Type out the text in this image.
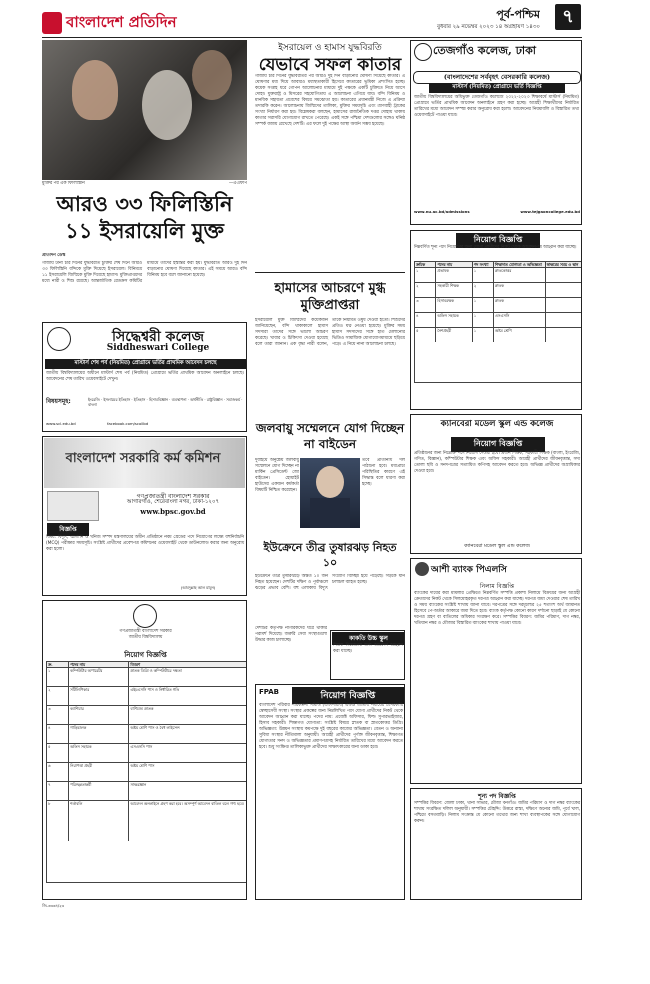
বাংলাদেশ প্রতিদিন	পূর্ব-পশ্চিম	৭
বুধবার ২৯ নভেম্বর ২০২৩ ১৪ অগ্রহায়ণ ১৪৩০
মুক্তির পর এক ফিলিস্তিনি	—এএফপি
আরও ৩৩ ফিলিস্তিনি ১১ ইসরায়েলি মুক্ত
প্রতিদিন ডেস্ক

গাজায় টানা চার দিনের যুদ্ধবিরতি চুক্তির শেষ দিনে আরও ৩৩ ফিলিস্তিনি বন্দিকে মুক্তি দিয়েছে ইসরায়েল। বিনিময়ে ১১ ইসরায়েলি জিম্মিকে মুক্তি দিয়েছে হামাস। মুক্তিপ্রাপ্তদের মধ্যে নারী ও শিশু রয়েছে। আন্তর্জাতিক রেডক্রস কমিটির মাধ্যমে তাদের হস্তান্তর করা হয়। যুদ্ধবিরতি আরও দুই দিন বাড়ানোর ঘোষণা দিয়েছে কাতার। এই সময়ে আরও বন্দি বিনিময় হবে বলে জানানো হয়েছে।

ইসরায়েল ও হামাস যুদ্ধবিরতি
যেভাবে সফল কাতার

গাজায় চার দিনের যুদ্ধবিরতির পর আরও দুই দিন বাড়ানোর ঘোষণা দিয়েছে কাতার। এ ঘোষণার মধ্য দিয়ে আবারও মধ্যস্থতাকারী হিসেবে কাতারের ভূমিকা প্রশংসিত হচ্ছে। কয়েক সপ্তাহ ধরে গোপন আলোচনার মাধ্যমে দুই পক্ষকে একটি চুক্তিতে নিয়ে আসে দোহা। যুক্তরাষ্ট্র ও মিসরের সহযোগিতায় এ আলোচনা এগিয়ে যায়। বন্দি বিনিময় ও মানবিক সহায়তা প্রবেশের বিষয়ে সমঝোতা হয়। কাতারের প্রধানমন্ত্রী নিজে এ প্রক্রিয়া তদারকি করেন। আলোচনায় জিম্মিদের তালিকা, মুক্তির সময়সূচি এবং ত্রাণবাহী ট্রাকের সংখ্যা নির্ধারণ করা হয়। বিশ্লেষকরা বলছেন, হামাসের রাজনৈতিক দপ্তর দোহায় থাকায় কাতার সরাসরি যোগাযোগ রাখতে পেরেছে। একই সঙ্গে পশ্চিমা দেশগুলোর সঙ্গেও ঘনিষ্ঠ সম্পর্ক বজায় রেখেছে দেশটি। এর ফলে দুই পক্ষের আস্থা অর্জন সম্ভব হয়েছে।

হামাসের আচরণে মুগ্ধ মুক্তিপ্রাপ্তরা

ইসরায়েলি মুক্ত জিম্মিদের কয়েকজন জানিয়েছেন, বন্দি থাকাকালে হামাস সদস্যরা তাদের সঙ্গে ভালো আচরণ করেছে। খাবার ও চিকিৎসা দেওয়া হয়েছে বলে তারা জানান। এক বৃদ্ধা নারী বলেন, তাকে নিয়মিত ওষুধ দেওয়া হতো। শিশুদের প্রতিও যত্ন নেওয়া হয়েছে। মুক্তির সময় হামাস সদস্যদের সঙ্গে হাত মেলানোর ভিডিও সামাজিক যোগাযোগমাধ্যমে ছড়িয়ে পড়ে। এ নিয়ে নানা আলোচনা চলছে।

জলবায়ু সম্মেলনে যোগ দিচ্ছেন না বাইডেন

দুবাইয়ে অনুষ্ঠেয় জলবায়ু সম্মেলনে যোগ দিচ্ছেন না মার্কিন প্রেসিডেন্ট জো বাইডেন। হোয়াইট হাউসের একজন কর্মকর্তা বিষয়টি নিশ্চিত করেছেন।

তবে প্রতিনিধি দল পাঠানো হবে। মধ্যপ্রাচ্য পরিস্থিতির কারণে এই সিদ্ধান্ত বলে ধারণা করা হচ্ছে।

ইউক্রেনে তীব্র তুষারঝড় নিহত ১০

ইউক্রেনে তীব্র তুষারঝড়ে অন্তত ১০ জন নিহত হয়েছেন। দেশটির দক্ষিণ ও পূর্বাঞ্চলে ঝড়ের প্রভাব বেশি। বহু এলাকায় বিদ্যুৎ সংযোগ বিচ্ছিন্ন হয়ে পড়েছে। সড়কে যান চলাচল ব্যাহত হচ্ছে।

তেজগাঁও কলেজ, ঢাকা
(বাংলাদেশের সর্ববৃহৎ বেসরকারি কলেজ)
মাস্টার্স (নিয়মিত) প্রোগ্রামে ভর্তি বিজ্ঞপ্তি

জাতীয় বিশ্ববিদ্যালয়ের অধিভুক্ত তেজগাঁও কলেজে ২০২২-২০২৩ শিক্ষাবর্ষে মাস্টার্স (নিয়মিত) প্রোগ্রামে ভর্তির প্রাথমিক আবেদন অনলাইনে গ্রহণ করা হচ্ছে। আগ্রহী শিক্ষার্থীদের নির্ধারিত তারিখের মধ্যে আবেদন সম্পন্ন করার অনুরোধ করা হলো। আবেদনের নিয়মাবলি ও বিস্তারিত তথ্য ওয়েবসাইটে পাওয়া যাবে।

www.nu.ac.bd/admissions	www.tejgaoncollege.edu.bd
নিয়োগ বিজ্ঞপ্তি

নিম্নবর্ণিত শূন্য পদে নিয়োগের জন্য যোগ্য প্রার্থীদের নিকট থেকে আবেদনপত্র আহ্বান করা যাচ্ছে।

ক্রমিক	পদের নাম	পদ সংখ্যা	শিক্ষাগত যোগ্যতা ও অভিজ্ঞতা	স্বাক্ষরের সময় ও স্থান
১	প্রভাষক	১	স্নাতকোত্তর
২	সহকারী শিক্ষক	২	স্নাতক
৩	হিসাবরক্ষক	১	স্নাতক
৪	অফিস সহায়ক	১	এসএসসি
৫	নৈশপ্রহরী	১	অষ্টম শ্রেণি
ক্যানবেরা মডেল স্কুল এন্ড কলেজ
নিয়োগ বিজ্ঞপ্তি

প্রতিষ্ঠানের জন্য নিম্নোক্ত পদে নিয়োগ দেওয়া হবে। প্রধান শিক্ষক, সহকারী শিক্ষক (বাংলা, ইংরেজি, গণিত, বিজ্ঞান), কম্পিউটার শিক্ষক এবং অফিস সহকারী। আগ্রহী প্রার্থীদের জীবনবৃত্তান্ত, সদ্য তোলা ছবি ও সনদপত্রের সত্যায়িত কপিসহ আবেদন করতে হবে। অভিজ্ঞ প্রার্থীদের অগ্রাধিকার দেওয়া হবে।

ক্যানবেরা মডেল স্কুল এন্ড কলেজ
আশী ব্যাংক পিএলসি
নিলাম বিজ্ঞপ্তি

ব্যাংকের দায়ের করা মামলার প্রেক্ষিতে নিম্নবর্ণিত সম্পত্তি প্রকাশ্য নিলামে বিক্রয়ের জন্য আগ্রহী ক্রেতাদের নিকট থেকে সিলমোহরকৃত দরপত্র আহ্বান করা যাচ্ছে। দরপত্র জমা দেওয়ার শেষ তারিখ ও সময় ব্যাংকের সংশ্লিষ্ট শাখায় জানা যাবে। দরপত্রের সঙ্গে দরমূল্যের ২৫ শতাংশ অর্থ জামানত হিসেবে পে-অর্ডার আকারে জমা দিতে হবে। ব্যাংক কর্তৃপক্ষ কোনো কারণ দর্শানো ছাড়াই যে কোনো দরপত্র গ্রহণ বা বাতিলের অধিকার সংরক্ষণ করে। সম্পত্তির বিবরণ: জমির পরিমাণ, দাগ নম্বর, খতিয়ান নম্বর ও মৌজার বিস্তারিত ব্যাংকের শাখায় পাওয়া যাবে।

সিদ্ধেশ্বরী কলেজ
Siddheswari College
মাস্টার্স শেষ পর্ব (নিয়মিত) প্রোগ্রামে ভর্তির প্রাথমিক আবেদন চলছে

জাতীয় বিশ্ববিদ্যালয়ের অধীনে মাস্টার্স শেষ পর্ব (নিয়মিত) প্রোগ্রামে ভর্তির প্রাথমিক আবেদন অনলাইনে চলছে। আবেদনের শেষ তারিখ ওয়েবসাইটে দেখুন।

বিষয়সমূহ:	ইংরেজি · ইসলামের ইতিহাস · ইতিহাস · হিসাববিজ্ঞান · ব্যবস্থাপনা · অর্থনীতি · রাষ্ট্রবিজ্ঞান · সমাজকর্ম · বাংলা
www.scl.edu.bd	facebook.com/scollbd
বাংলাদেশ সরকারি কর্ম কমিশন
গণপ্রজাতন্ত্রী বাংলাদেশ সরকার
আগারগাঁও, শেরেবাংলা নগর, ঢাকা-১২০৭
www.bpsc.gov.bd
বিজ্ঞপ্তি

বিষয়: বিদ্যুৎ, জ্বালানি ও খনিজ সম্পদ মন্ত্রণালয়ের অধীন প্রতিষ্ঠানে নবম গ্রেডের পদে নিয়োগের লক্ষ্যে বহুনির্বাচনি (MCQ) পরীক্ষার সময়সূচি। সংশ্লিষ্ট প্রার্থীদের প্রবেশপত্র কমিশনের ওয়েবসাইট থেকে ডাউনলোড করার জন্য অনুরোধ করা হলো।

(আবদুল্লাহ আল মামুন)
গণপ্রজাতন্ত্রী বাংলাদেশ সরকার
জাতীয় বিশ্ববিদ্যালয়
নিয়োগ বিজ্ঞপ্তি
ক্র.	পদের নাম	বিবরণ
১	কম্পিউটার অপারেটর	স্নাতক ডিগ্রি ও কম্পিউটারে দক্ষতা
২	সাঁটলিপিকার	এইচএসসি পাস ও নির্ধারিত গতি
৩	ক্যাশিয়ার	বাণিজ্যে স্নাতক
৪	গাড়িচালক	অষ্টম শ্রেণি পাস ও বৈধ লাইসেন্স
৫	অফিস সহায়ক	এসএসসি পাস
৬	নিরাপত্তা প্রহরী	অষ্টম শ্রেণি পাস
৭	পরিচ্ছন্নতাকর্মী	সাক্ষরজ্ঞান
৮	শর্তাবলি	আবেদন অনলাইনে গ্রহণ করা হবে। অসম্পূর্ণ আবেদন বাতিল বলে গণ্য হবে।
জি-৩৩৩৪/২৩
কাকতি উচ্চ স্কুল
শিক্ষক নিয়োগের জন্য আবেদন আহ্বান করা যাচ্ছে।

দেশটির কর্তৃপক্ষ নাগরিকদের ঘরে থাকার পরামর্শ দিয়েছে। জরুরি সেবা সংস্থাগুলো উদ্ধার কাজ চালাচ্ছে।

FPAB	নিয়োগ বিজ্ঞপ্তি

বাংলাদেশ পরিবার পরিকল্পনা সমিতি (এফপিএবি) একটি জাতীয় পর্যায়ের বেসরকারি স্বেচ্ছাসেবী সংস্থা। সংস্থার প্রকল্পের জন্য নিম্নলিখিত পদে যোগ্য প্রার্থীদের নিকট থেকে আবেদন আহ্বান করা যাচ্ছে। পদের নাম: প্রজেক্ট অফিসার, ফিল্ড সুপারভাইজার, হিসাব সহকারী। শিক্ষাগত যোগ্যতা: সংশ্লিষ্ট বিষয়ে স্নাতক বা স্নাতকোত্তর ডিগ্রি। অভিজ্ঞতা: উন্নয়ন সংস্থায় কমপক্ষে দুই বছরের কাজের অভিজ্ঞতা। বেতন ও অন্যান্য সুবিধা সংস্থার নীতিমালা অনুযায়ী। আগ্রহী প্রার্থীদের পূর্ণাঙ্গ জীবনবৃত্তান্ত, শিক্ষাগত যোগ্যতার সনদ ও অভিজ্ঞতার প্রমাণপত্রসহ নির্ধারিত তারিখের মধ্যে আবেদন করতে হবে। শুধু সংক্ষিপ্ত তালিকাভুক্ত প্রার্থীদের সাক্ষাৎকারের জন্য ডাকা হবে।

শূন্য পদ বিজ্ঞপ্তি

সম্পত্তির বিবরণ: জেলা ঢাকা, থানা সাভার, মৌজা বনগাঁও। জমির পরিমাণ ও দাগ নম্বর ব্যাংকের শাখায় সংরক্ষিত দলিল অনুযায়ী। সম্পত্তির চৌহদ্দি: উত্তরে রাস্তা, দক্ষিণে অন্যের জমি, পূর্বে খাল, পশ্চিমে বসতবাড়ি। নিলাম সংক্রান্ত যে কোনো তথ্যের জন্য শাখা ব্যবস্থাপকের সঙ্গে যোগাযোগ করুন।
